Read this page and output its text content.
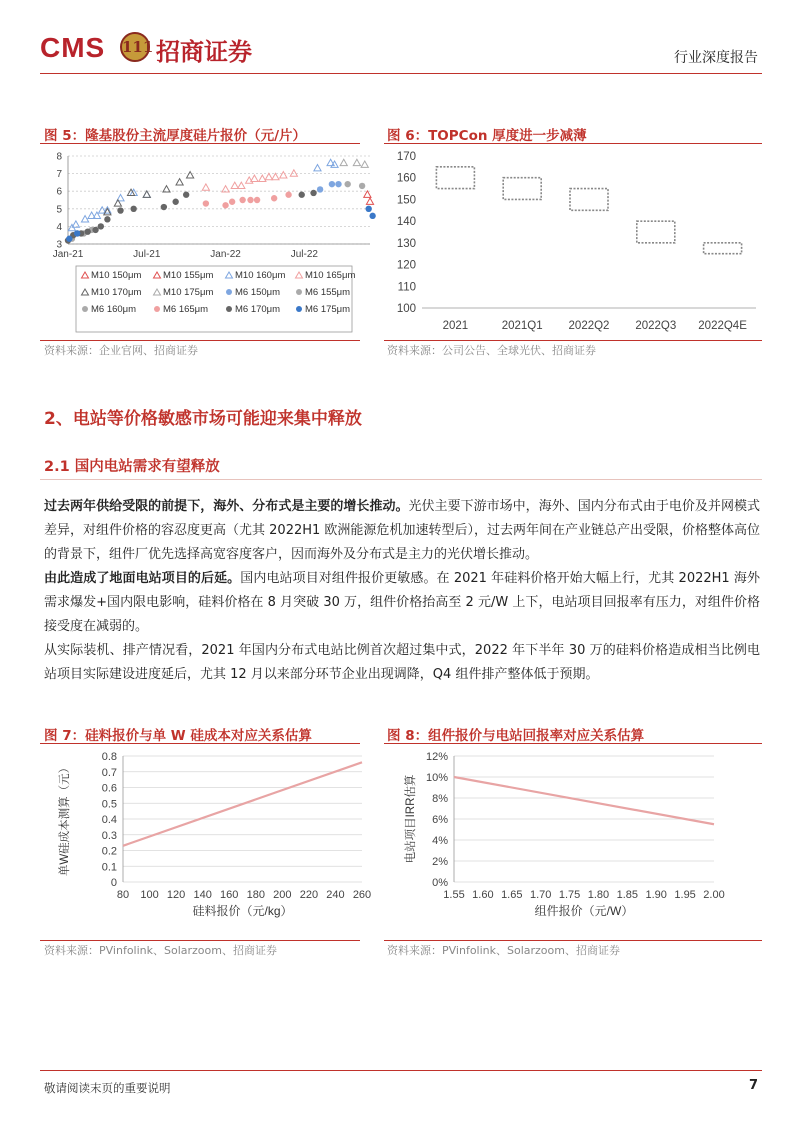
CMS 111 招商证券	行业深度报告
图 5：隆基股份主流厚度硅片报价（元/片）
3
4
5
6
7
8
Jan-21	Jul-21	Jan-22	Jul-22
M10 150μm M10 155μm M10 160μm M10 165μm
M10 170μm M10 175μm M6 150μm	M6 155μm
M6 160μm	M6 165μm	M6 170μm	M6 175μm
资料来源：企业官网、招商证券
图 6：TOPCon 厚度进一步减薄
100
110
120
130
140
150
160
170
2021	2021Q1 2022Q2 2022Q3 2022Q4E
资料来源：公司公告、全球光伏、招商证券
2、电站等价格敏感市场可能迎来集中释放
2.1 国内电站需求有望释放
过去两年供给受限的前提下，海外、分布式是主要的增长推动。光伏主要下游市场中，海外、国内分布式由于电价及并网模式差异，对组件价格的容忍度更高（尤其 2022H1 欧洲能源危机加速转型后），过去两年间在产业链总产出受限，价格整体高位的背景下，组件厂优先选择高宽容度客户，因而海外及分布式是主力的光伏增长推动。
由此造成了地面电站项目的后延。国内电站项目对组件报价更敏感。在 2021 年硅料价格开始大幅上行，尤其 2022H1 海外需求爆发+国内限电影响，硅料价格在 8 月突破 30 万，组件价格抬高至 2 元/W 上下，电站项目回报率有压力，对组件价格接受度在减弱的。
从实际装机、排产情况看，2021 年国内分布式电站比例首次超过集中式，2022 年下半年 30 万的硅料价格造成相当比例电站项目实际建设进度延后，尤其 12 月以来部分环节企业出现调降，Q4 组件排产整体低于预期。
图 7：硅料报价与单 W 硅成本对应关系估算
0
0.1
0.2
0.3
0.4
0.5
0.6
0.7
0.8
80 100 120 140 160 180 200 220 240 260
硅料报价（元/kg）
单W硅成本测算（元）
资料来源：PVinfolink、Solarzoom、招商证券
图 8：组件报价与电站回报率对应关系估算
0%
2%
4%
6%
8%
10%
12%
1.55 1.60 1.65 1.70 1.75 1.80 1.85 1.90 1.95 2.00
组件报价（元/W）
电站项目IRR估算
资料来源：PVinfolink、Solarzoom、招商证券
敬请阅读末页的重要说明	7
